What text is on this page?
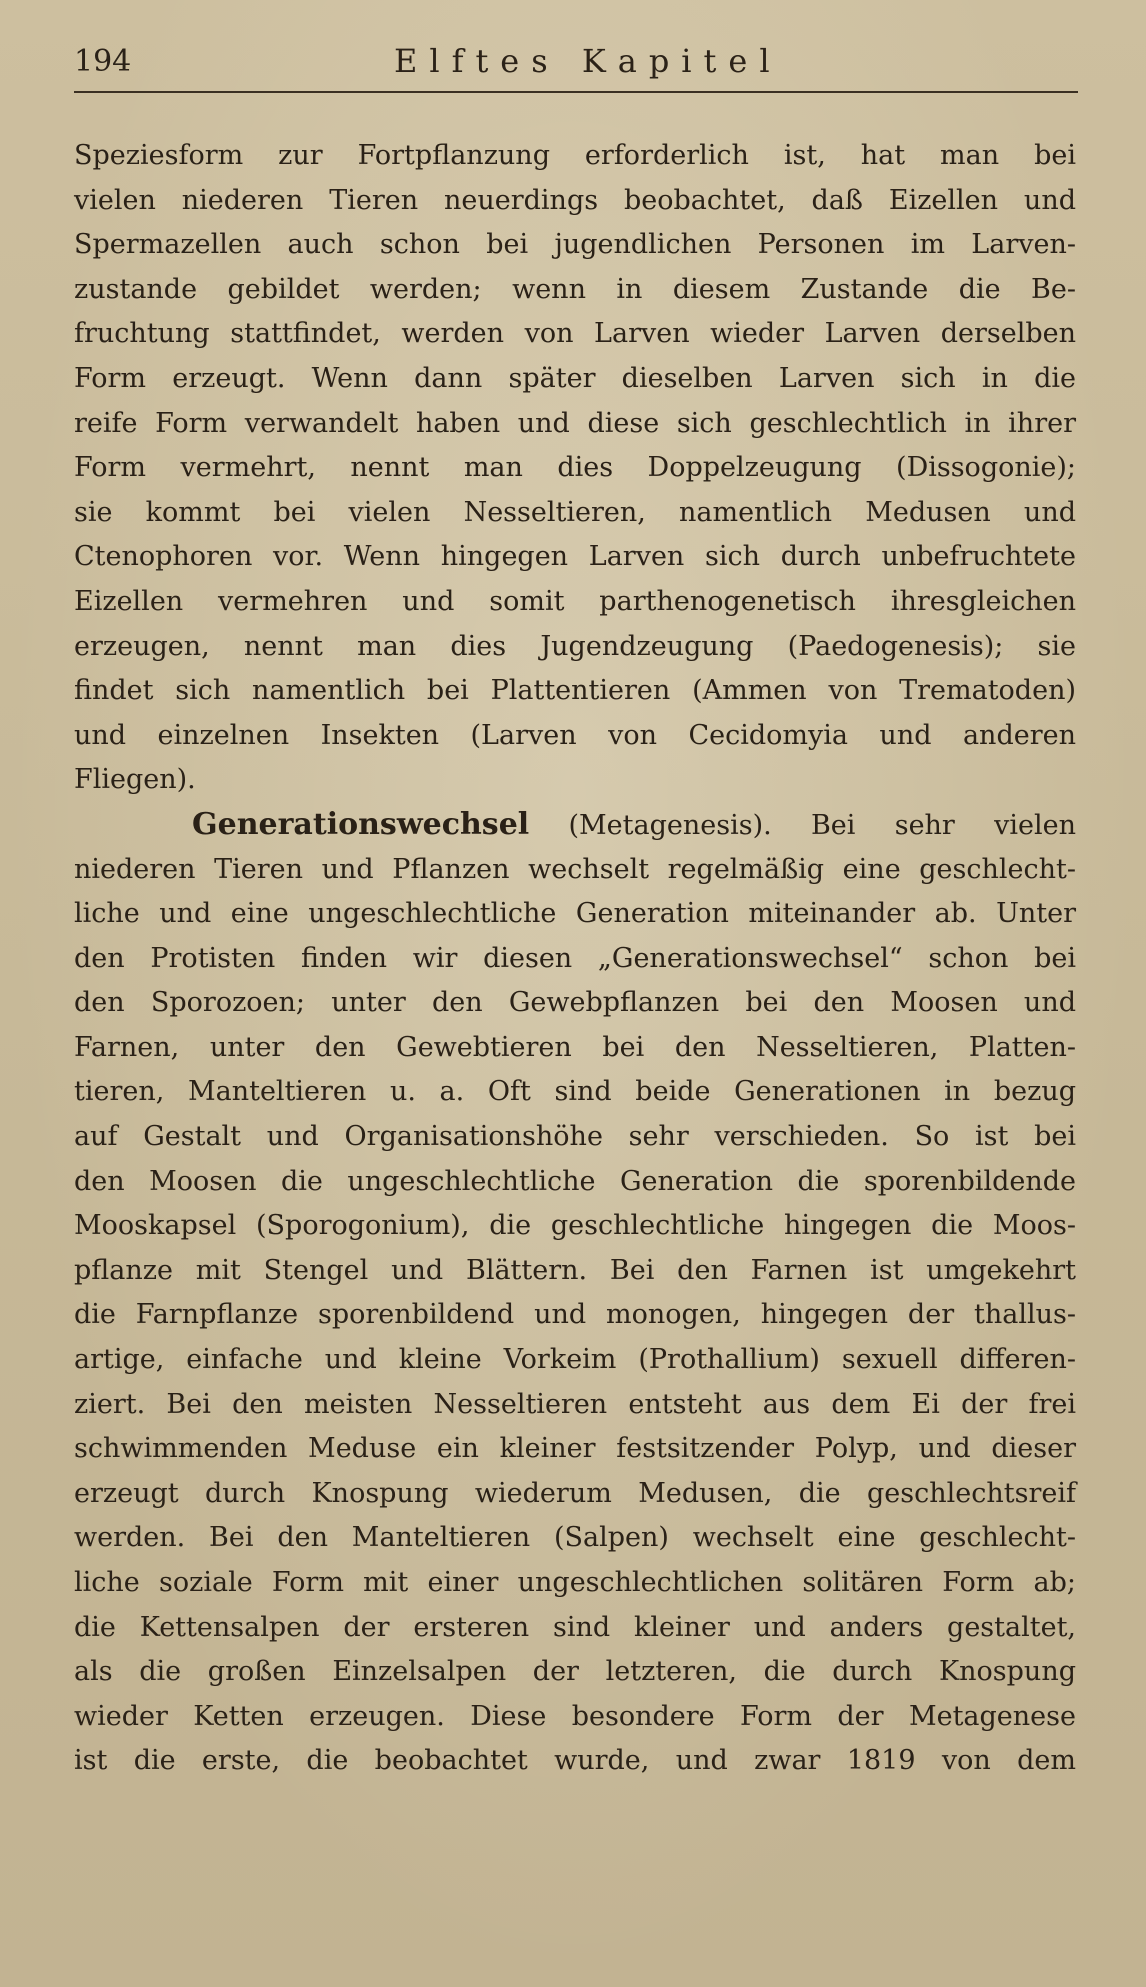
194	Elftes Kapitel
Speziesform zur Fortpflanzung erforderlich ist, hat man bei
vielen niederen Tieren neuerdings beobachtet, daß Eizellen und
Spermazellen auch schon bei jugendlichen Personen im Larven-
zustande gebildet werden; wenn in diesem Zustande die Be-
fruchtung stattfindet, werden von Larven wieder Larven derselben
Form erzeugt. Wenn dann später dieselben Larven sich in die
reife Form verwandelt haben und diese sich geschlechtlich in ihrer
Form vermehrt, nennt man dies Doppelzeugung (Dissogonie);
sie kommt bei vielen Nesseltieren, namentlich Medusen und
Ctenophoren vor. Wenn hingegen Larven sich durch unbefruchtete
Eizellen vermehren und somit parthenogenetisch ihresgleichen
erzeugen, nennt man dies Jugendzeugung (Paedogenesis); sie
findet sich namentlich bei Plattentieren (Ammen von Trematoden)
und einzelnen Insekten (Larven von Cecidomyia und anderen
Fliegen).
Generationswechsel (Metagenesis). Bei sehr vielen
niederen Tieren und Pflanzen wechselt regelmäßig eine geschlecht-
liche und eine ungeschlechtliche Generation miteinander ab. Unter
den Protisten finden wir diesen „Generationswechsel“ schon bei
den Sporozoen; unter den Gewebpflanzen bei den Moosen und
Farnen, unter den Gewebtieren bei den Nesseltieren, Platten-
tieren, Manteltieren u. a. Oft sind beide Generationen in bezug
auf Gestalt und Organisationshöhe sehr verschieden. So ist bei
den Moosen die ungeschlechtliche Generation die sporenbildende
Mooskapsel (Sporogonium), die geschlechtliche hingegen die Moos-
pflanze mit Stengel und Blättern. Bei den Farnen ist umgekehrt
die Farnpflanze sporenbildend und monogen, hingegen der thallus-
artige, einfache und kleine Vorkeim (Prothallium) sexuell differen-
ziert. Bei den meisten Nesseltieren entsteht aus dem Ei der frei
schwimmenden Meduse ein kleiner festsitzender Polyp, und dieser
erzeugt durch Knospung wiederum Medusen, die geschlechtsreif
werden. Bei den Manteltieren (Salpen) wechselt eine geschlecht-
liche soziale Form mit einer ungeschlechtlichen solitären Form ab;
die Kettensalpen der ersteren sind kleiner und anders gestaltet,
als die großen Einzelsalpen der letzteren, die durch Knospung
wieder Ketten erzeugen. Diese besondere Form der Metagenese
ist die erste, die beobachtet wurde, und zwar 1819 von dem
